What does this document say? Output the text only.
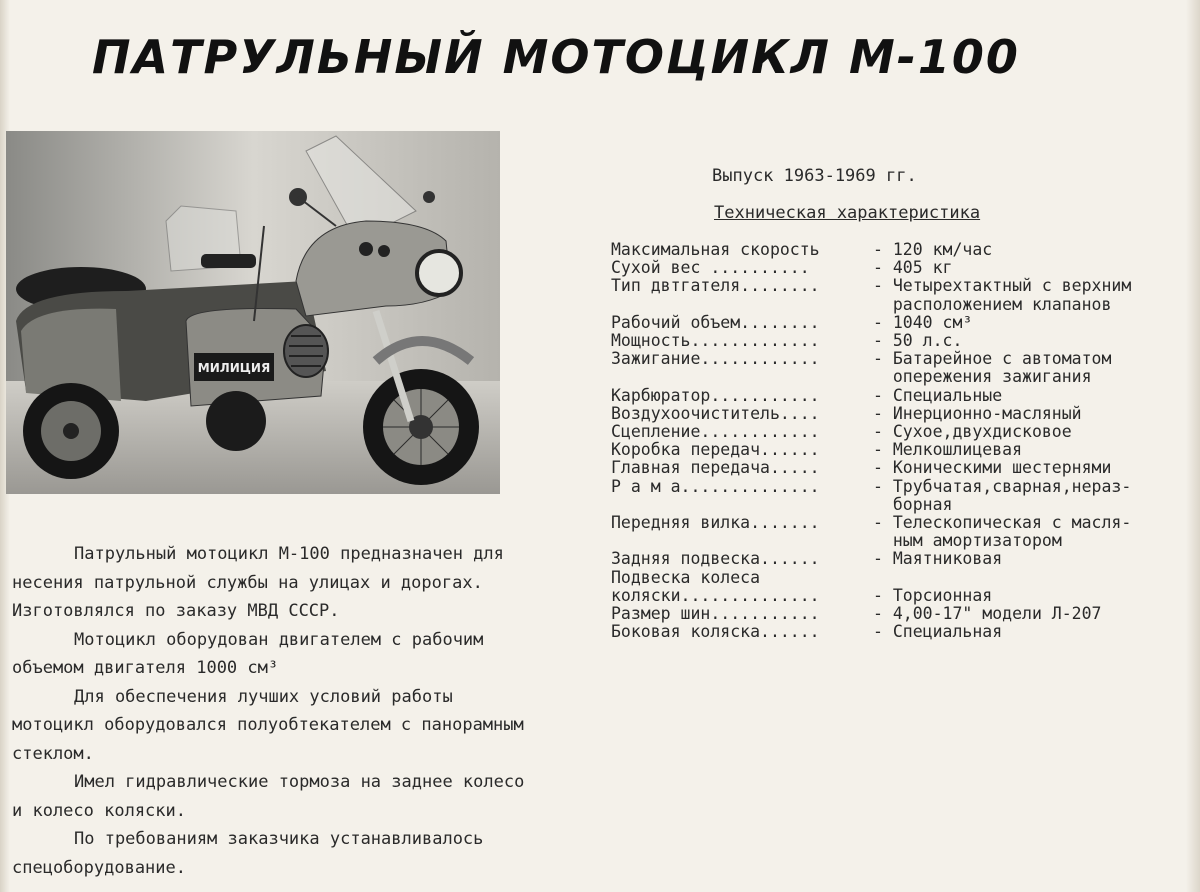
ПАТРУЛЬНЫЙ МОТОЦИКЛ М-100
МИЛИЦИЯ
Выпуск 1963-1969 гг.
Техническая характеристика
Максимальная скорость	- 120 км/час
Сухой вес ..........	- 405 кг
Тип двтгателя........	- Четырехтактный с верхним
расположением клапанов
Рабочий объем........	- 1040 см³
Мощность.............	- 50 л.с.
Зажигание............	- Батарейное с автоматом
опережения зажигания
Карбюратор...........	- Специальные
Воздухоочиститель....	- Инерционно-масляный
Сцепление............	- Сухое,двухдисковое
Коробка передач......	- Мелкошлицевая
Главная передача.....	- Коническими шестернями
Р а м а..............	- Трубчатая,сварная,нераз-
борная
Передняя вилка.......	- Телескопическая с масля-
ным амортизатором
Задняя подвеска......	- Маятниковая
Подвеска колеса
коляски..............	- Торсионная
Размер шин...........	- 4,00-17" модели Л-207
Боковая коляска......	- Специальная

Патрульный мотоцикл М-100 предназначен для несения патрульной службы на улицах и дорогах. Изготовлялся по заказу МВД СССР.

Мотоцикл оборудован двигателем с рабочим объемом двигателя 1000 см³

Для обеспечения лучших условий работы мотоцикл оборудовался полуобтекателем с панорамным стеклом.

Имел гидравлические тормоза на заднее колесо и колесо коляски.

По требованиям заказчика устанавливалось спецоборудование.
